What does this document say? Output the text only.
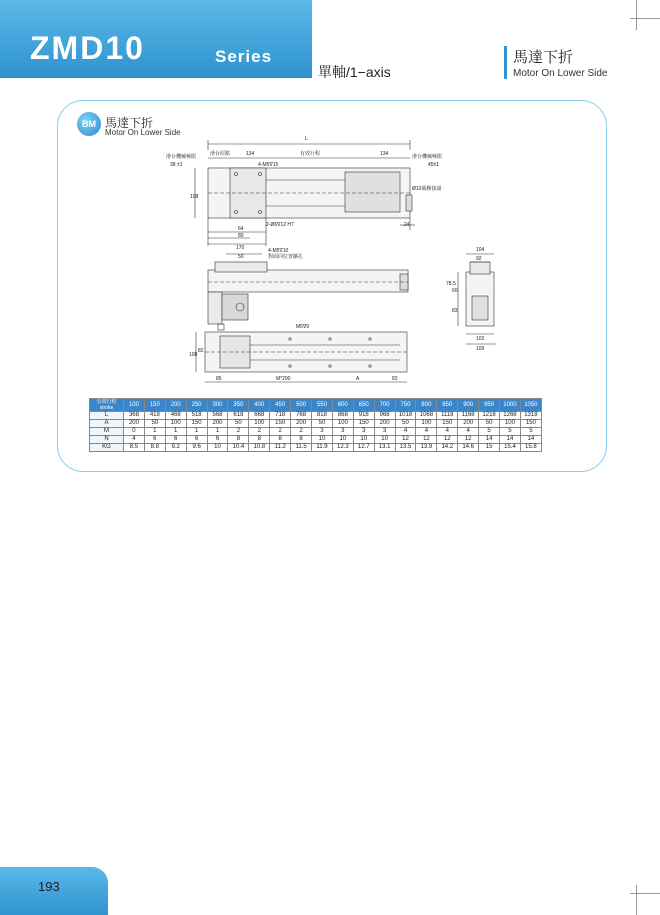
ZMD10	Series
單軸/1−axis
馬達下折
Motor On Lower Side
BM 馬達下折
Motor On Lower Side
L
有效行程
滑台原點	134	134
滑台機械極限	滑台機械極限
38 ±1	45±1
4-M5∇15
Ø10風壓接頭
108
24
64
80
170
2-Ø6∇12 H7
4-M5∇10
對面同位置擴孔
50
104
92
78.5
60
83
102
109
M5∇9
108
82
85	M*200	A	83
有效行程
stroke	100	150	200	250	300	350	400	450	500	550	600	650	700	750	800	850	900	950	1000	1050
L	368	418	468	518	568	618	668	718	768	818	868	918	968	1018	1068	1118	1168	1218	1268	1318
A	200	50	100	150	200	50	100	150	200	50	100	150	200	50	100	150	200	50	100	150
M	0	1	1	1	1	2	2	2	2	3	3	3	3	4	4	4	4	5	5	5
N	4	6	6	6	6	8	8	8	8	10	10	10	10	12	12	12	12	14	14	14
KG	8.5	8.8	9.2	9.6	10	10.4	10.8	11.2	11.5	11.9	12.3	12.7	13.1	13.5	13.9	14.2	14.6	15	15.4	15.8
193
